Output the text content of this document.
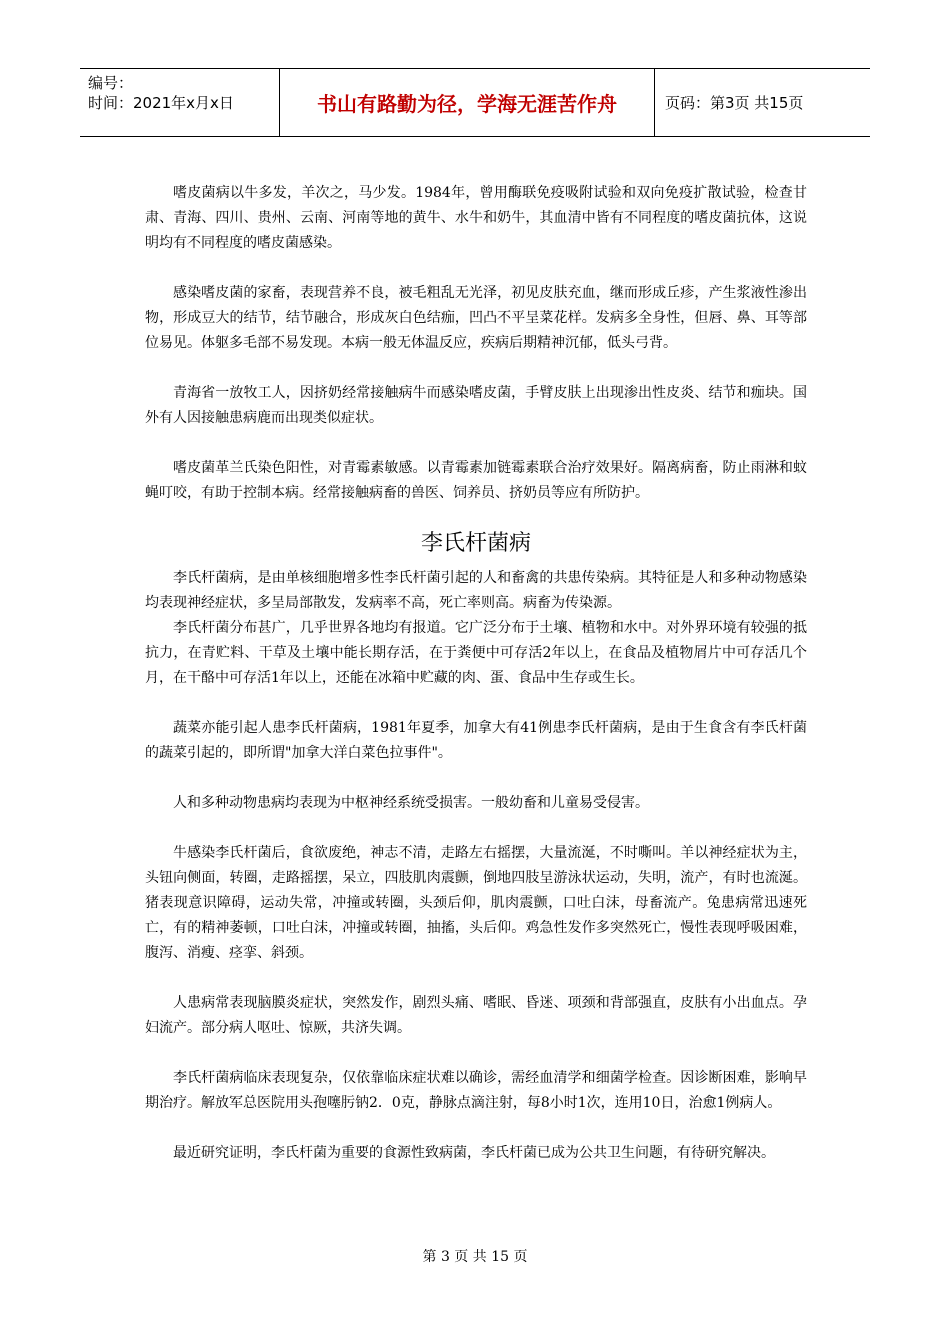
编号：
时间：2021年x月x日	书山有路勤为径，学海无涯苦作舟	页码：第3页 共15页

嗜皮菌病以牛多发，羊次之，马少发。1984年，曾用酶联免疫吸附试验和双向免疫扩散试验，检查甘肃、青海、四川、贵州、云南、河南等地的黄牛、水牛和奶牛，其血清中皆有不同程度的嗜皮菌抗体，这说明均有不同程度的嗜皮菌感染。

感染嗜皮菌的家畜，表现营养不良，被毛粗乱无光泽，初见皮肤充血，继而形成丘疹，产生浆液性渗出物，形成豆大的结节，结节融合，形成灰白色结痂，凹凸不平呈菜花样。发病多全身性，但唇、鼻、耳等部位易见。体躯多毛部不易发现。本病一般无体温反应，疾病后期精神沉郁，低头弓背。

青海省一放牧工人，因挤奶经常接触病牛而感染嗜皮菌，手臂皮肤上出现渗出性皮炎、结节和痂块。国外有人因接触患病鹿而出现类似症状。

嗜皮菌革兰氏染色阳性，对青霉素敏感。以青霉素加链霉素联合治疗效果好。隔离病畜，防止雨淋和蚊蝇叮咬，有助于控制本病。经常接触病畜的兽医、饲养员、挤奶员等应有所防护。

李氏杆菌病

李氏杆菌病，是由单核细胞增多性李氏杆菌引起的人和畜禽的共患传染病。其特征是人和多种动物感染均表现神经症状，多呈局部散发，发病率不高，死亡率则高。病畜为传染源。

李氏杆菌分布甚广，几乎世界各地均有报道。它广泛分布于土壤、植物和水中。对外界环境有较强的抵抗力，在青贮料、干草及土壤中能长期存活，在于粪便中可存活2年以上，在食品及植物屑片中可存活几个月，在干酪中可存活1年以上，还能在冰箱中贮藏的肉、蛋、食品中生存或生长。

蔬菜亦能引起人患李氏杆菌病，1981年夏季，加拿大有41例患李氏杆菌病，是由于生食含有李氏杆菌的蔬菜引起的，即所谓"加拿大洋白菜色拉事件"。

人和多种动物患病均表现为中枢神经系统受损害。一般幼畜和儿童易受侵害。

牛感染李氏杆菌后，食欲废绝，神志不清，走路左右摇摆，大量流涎，不时嘶叫。羊以神经症状为主，头钮向侧面，转圈，走路摇摆，呆立，四肢肌肉震颤，倒地四肢呈游泳状运动，失明，流产，有时也流涎。猪表现意识障碍，运动失常，冲撞或转圈，头颈后仰，肌肉震颤，口吐白沫，母畜流产。兔患病常迅速死亡，有的精神萎顿，口吐白沫，冲撞或转圈，抽搐，头后仰。鸡急性发作多突然死亡，慢性表现呼吸困难，腹泻、消瘦、痉挛、斜颈。

人患病常表现脑膜炎症状，突然发作，剧烈头痛、嗜眠、昏迷、项颈和背部强直，皮肤有小出血点。孕妇流产。部分病人呕吐、惊厥，共济失调。

李氏杆菌病临床表现复杂，仅依靠临床症状难以确诊，需经血清学和细菌学检查。因诊断困难，影响早期治疗。解放军总医院用头孢噻肟钠2．0克，静脉点滴注射，每8小时1次，连用10日，治愈1例病人。

最近研究证明，李氏杆菌为重要的食源性致病菌，李氏杆菌已成为公共卫生问题，有待研究解决。

第 3 页 共 15 页
